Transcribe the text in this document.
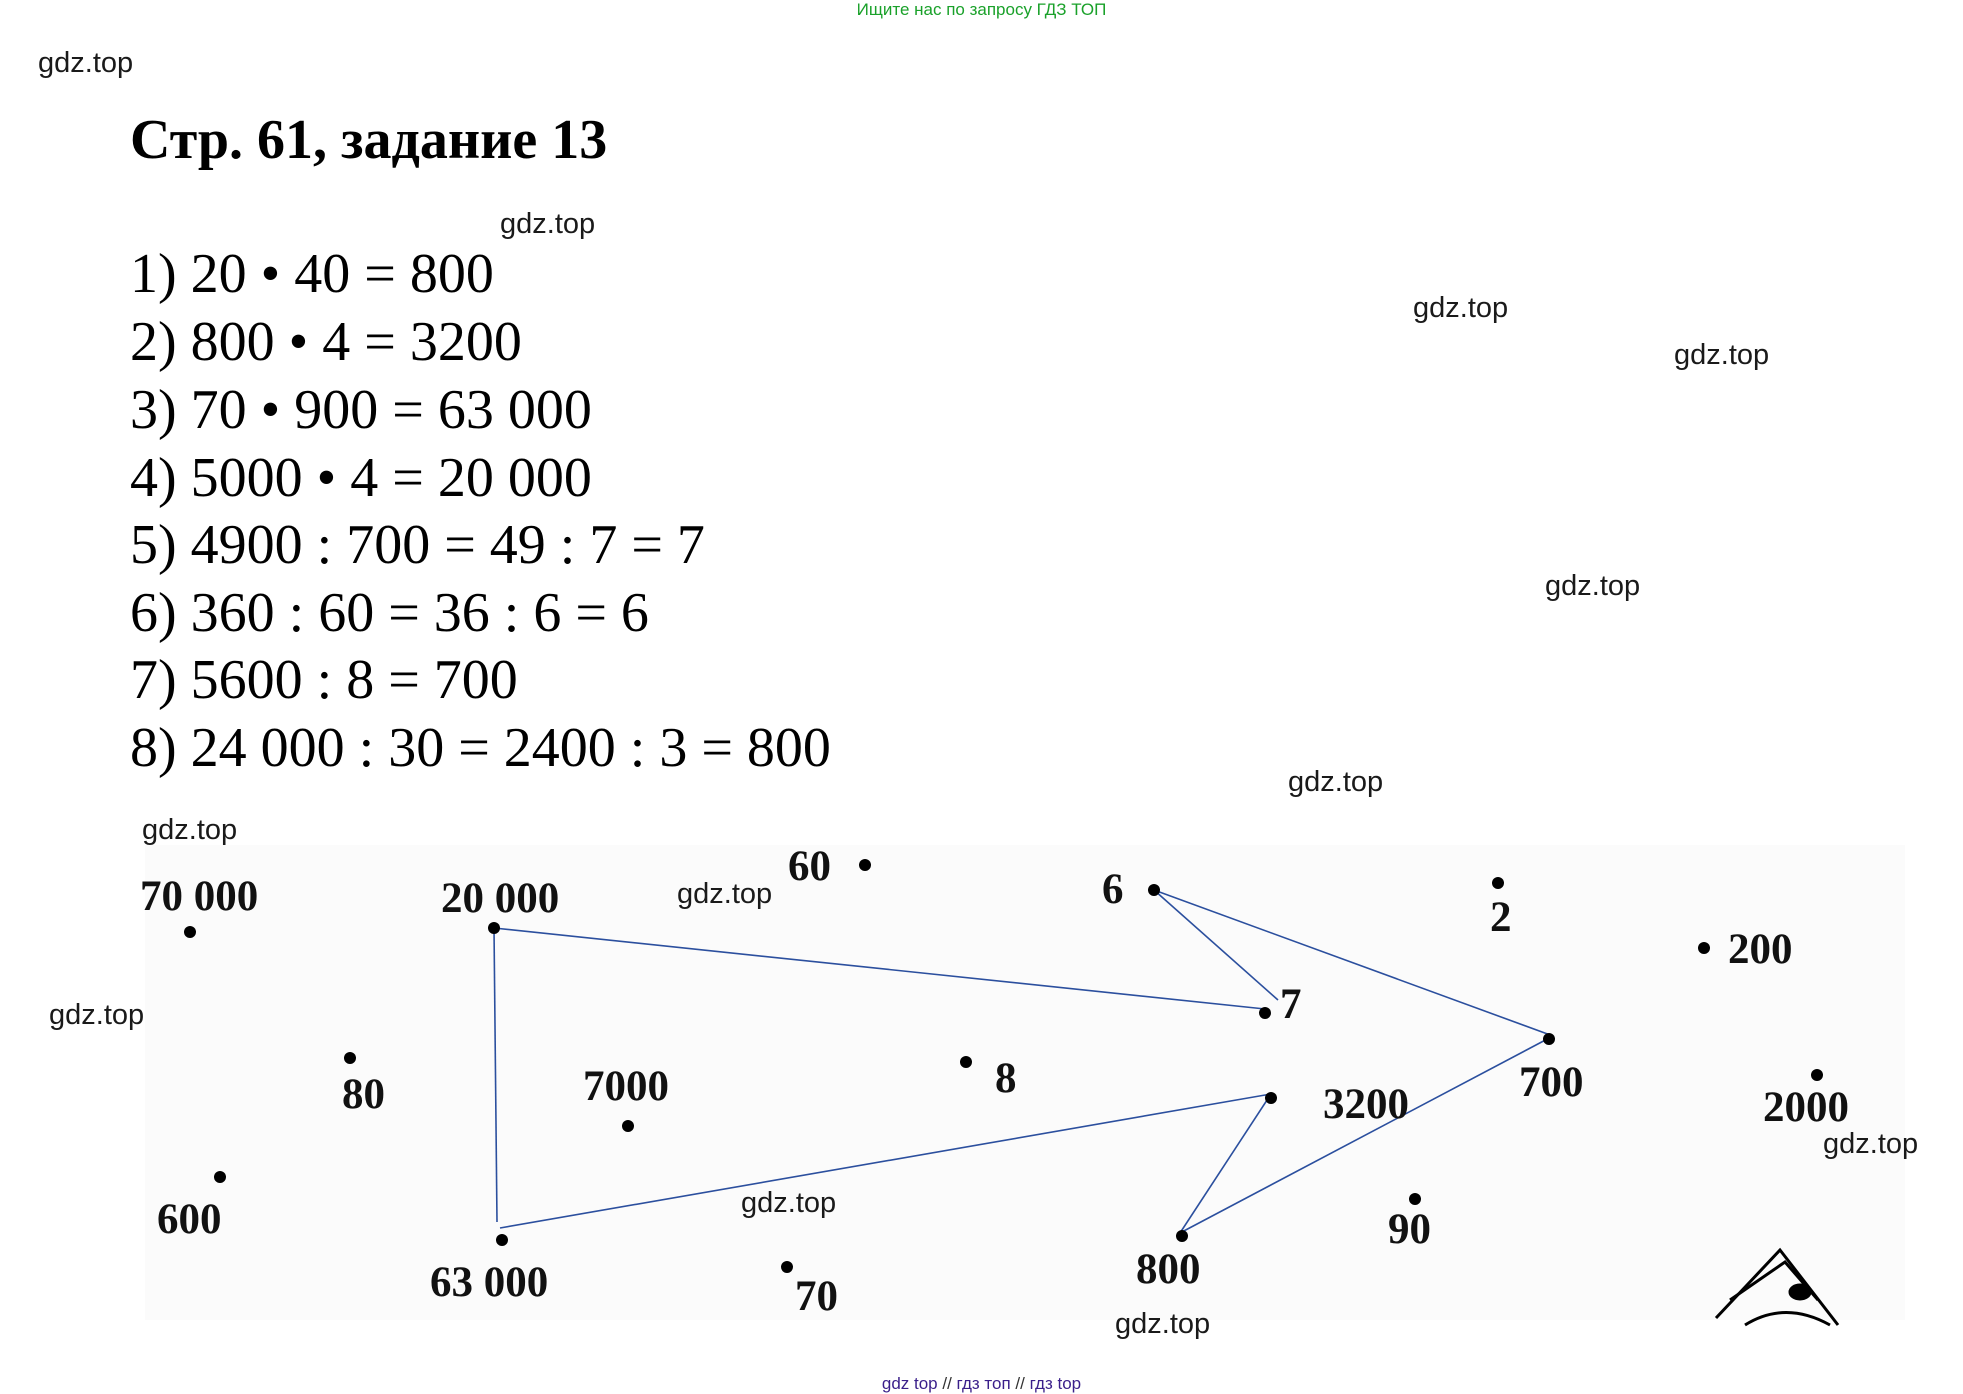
Ищите нас по запросу ГДЗ ТОП
Стр. 61, задание 13
1) 20 • 40 = 800
2) 800 • 4 = 3200
3) 70 • 900 = 63 000
4) 5000 • 4 = 20 000
5) 4900 : 700 = 49 : 7 = 7
6) 360 : 60 = 36 : 6 = 6
7) 5600 : 8 = 700
8) 24 000 : 30 = 2400 : 3 = 800
70 000	20 000
60	6
2
200
7
80	7000	8
3200	700
2000
600
63 000	70
800
90
gdz.top
gdz.top
gdz.top
gdz.top
gdz.top
gdz.top
gdz.top
gdz.top
gdz.top
gdz.top
gdz.top
gdz.top
gdz top // гдз топ // гдз top
